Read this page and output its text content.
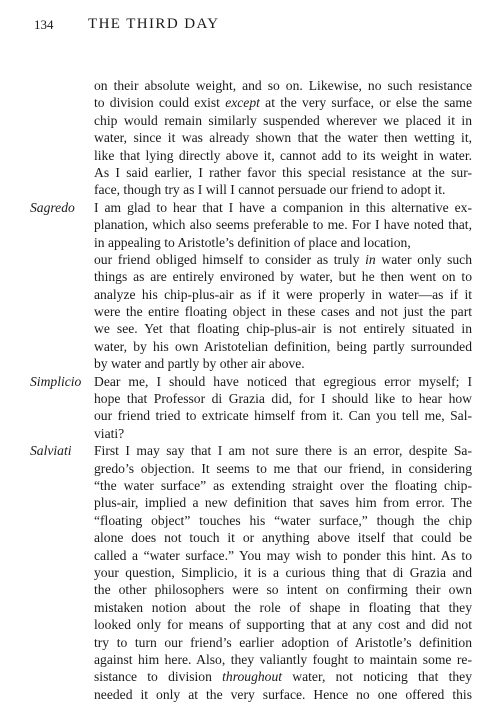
134 THE THIRD DAY
on their absolute weight, and so on. Likewise, no such resistance
to division could exist except at the very surface, or else the same
chip would remain similarly suspended wherever we placed it in
water, since it was already shown that the water then wetting it,
like that lying directly above it, cannot add to its weight in water.
As I said earlier, I rather favor this special resistance at the sur-
face, though try as I will I cannot persuade our friend to adopt it.
Sagredo I am glad to hear that I have a companion in this alternative ex-
planation, which also seems preferable to me. For I have noted that,
in appealing to Aristotle’s definition of place and location,
our friend obliged himself to consider as truly in water only such
things as are entirely environed by water, but he then went on to
analyze his chip-plus-air as if it were properly in water—as if it
were the entire floating object in these cases and not just the part
we see. Yet that floating chip-plus-air is not entirely situated in
water, by his own Aristotelian definition, being partly surrounded
by water and partly by other air above.
Simplicio Dear me, I should have noticed that egregious error myself; I
hope that Professor di Grazia did, for I should like to hear how
our friend tried to extricate himself from it. Can you tell me, Sal-
viati?
Salviati First I may say that I am not sure there is an error, despite Sa-
gredo’s objection. It seems to me that our friend, in considering
“the water surface” as extending straight over the floating chip-
plus-air, implied a new definition that saves him from error. The
“floating object” touches his “water surface,” though the chip
alone does not touch it or anything above itself that could be
called a “water surface.” You may wish to ponder this hint. As to
your question, Simplicio, it is a curious thing that di Grazia and
the other philosophers were so intent on confirming their own
mistaken notion about the role of shape in floating that they
looked only for means of supporting that at any cost and did not
try to turn our friend’s earlier adoption of Aristotle’s definition
against him here. Also, they valiantly fought to maintain some re-
sistance to division throughout water, not noticing that they
needed it only at the very surface. Hence no one offered this
